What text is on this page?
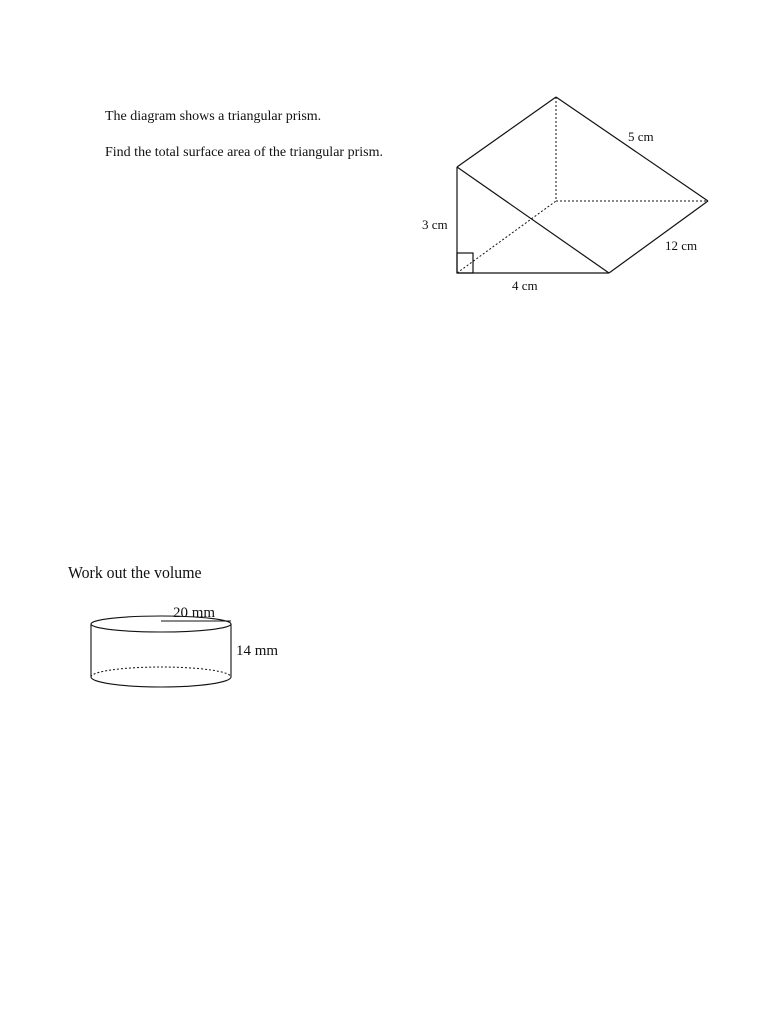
The diagram shows a triangular prism.

Find the total surface area of the triangular prism.

3 cm
4 cm
5 cm
12 cm

Work out the volume

20 mm
14 mm
